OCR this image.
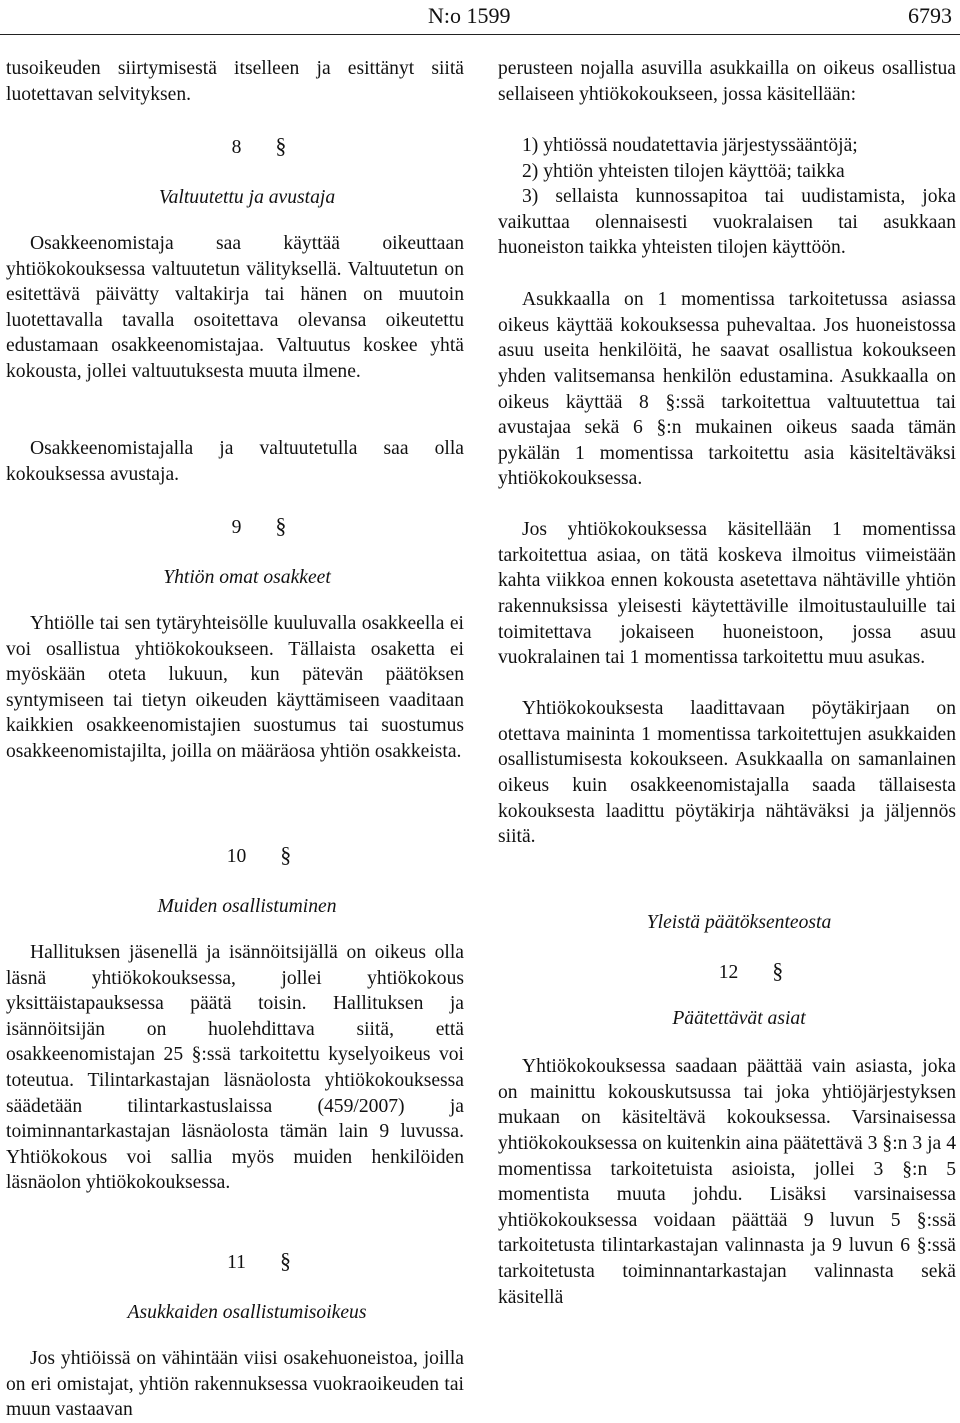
N:o 1599	6793

tusoikeuden siirtymisestä itselleen ja esittänyt siitä luotettavan selvityksen.

8 §

Valtuutettu ja avustaja

Osakkeenomistaja saa käyttää oikeuttaan yhtiökokouksessa valtuutetun välityksellä. Valtuutetun on esitettävä päivätty valtakirja tai hänen on muutoin luotettavalla tavalla osoitettava olevansa oikeutettu edustamaan osakkeenomistajaa. Valtuutus koskee yhtä kokousta, jollei valtuutuksesta muuta ilmene.

Osakkeenomistajalla ja valtuutetulla saa olla kokouksessa avustaja.

9 §

Yhtiön omat osakkeet

Yhtiölle tai sen tytäryhteisölle kuuluvalla osakkeella ei voi osallistua yhtiökokoukseen. Tällaista osaketta ei myöskään oteta lukuun, kun pätevän päätöksen syntymiseen tai tietyn oikeuden käyttämiseen vaaditaan kaikkien osakkeenomistajien suostumus tai suostumus osakkeenomistajilta, joilla on määräosa yhtiön osakkeista.

10 §

Muiden osallistuminen

Hallituksen jäsenellä ja isännöitsijällä on oikeus olla läsnä yhtiökokouksessa, jollei yhtiökokous yksittäistapauksessa päätä toisin. Hallituksen ja isännöitsijän on huolehdittava siitä, että osakkeenomistajan 25 §:ssä tarkoitettu kyselyoikeus voi toteutua. Tilintarkastajan läsnäolosta yhtiökokouksessa säädetään tilintarkastuslaissa (459/2007) ja toiminnantarkastajan läsnäolosta tämän lain 9 luvussa. Yhtiökokous voi sallia myös muiden henkilöiden läsnäolon yhtiökokouksessa.

11 §

Asukkaiden osallistumisoikeus

Jos yhtiöissä on vähintään viisi osakehuoneistoa, joilla on eri omistajat, yhtiön rakennuksessa vuokraoikeuden tai muun vastaavan

perusteen nojalla asuvilla asukkailla on oikeus osallistua sellaiseen yhtiökokoukseen, jossa käsitellään:

1) yhtiössä noudatettavia järjestyssääntöjä;

2) yhtiön yhteisten tilojen käyttöä; taikka

3) sellaista kunnossapitoa tai uudistamista, joka vaikuttaa olennaisesti vuokralaisen tai asukkaan huoneiston taikka yhteisten tilojen käyttöön.

Asukkaalla on 1 momentissa tarkoitetussa asiassa oikeus käyttää kokouksessa puhevaltaa. Jos huoneistossa asuu useita henkilöitä, he saavat osallistua kokoukseen yhden valitsemansa henkilön edustamina. Asukkaalla on oikeus käyttää 8 §:ssä tarkoitettua valtuutettua tai avustajaa sekä 6 §:n mukainen oikeus saada tämän pykälän 1 momentissa tarkoitettu asia käsiteltäväksi yhtiökokouksessa.

Jos yhtiökokouksessa käsitellään 1 momentissa tarkoitettua asiaa, on tätä koskeva ilmoitus viimeistään kahta viikkoa ennen kokousta asetettava nähtäville yhtiön rakennuksissa yleisesti käytettäville ilmoitustauluille tai toimitettava jokaiseen huoneistoon, jossa asuu vuokralainen tai 1 momentissa tarkoitettu muu asukas.

Yhtiökokouksesta laadittavaan pöytäkirjaan on otettava maininta 1 momentissa tarkoitettujen asukkaiden osallistumisesta kokoukseen. Asukkaalla on samanlainen oikeus kuin osakkeenomistajalla saada tällaisesta kokouksesta laadittu pöytäkirja nähtäväksi ja jäljennös siitä.

Yleistä päätöksenteosta

12 §

Päätettävät asiat

Yhtiökokouksessa saadaan päättää vain asiasta, joka on mainittu kokouskutsussa tai joka yhtiöjärjestyksen mukaan on käsiteltävä kokouksessa. Varsinaisessa yhtiökokouksessa on kuitenkin aina päätettävä 3 §:n 3 ja 4 momentissa tarkoitetuista asioista, jollei 3 §:n 5 momentista muuta johdu. Lisäksi varsinaisessa yhtiökokouksessa voidaan päättää 9 luvun 5 §:ssä tarkoitetusta tilintarkastajan valinnasta ja 9 luvun 6 §:ssä tarkoitetusta toiminnantarkastajan valinnasta sekä käsitellä
